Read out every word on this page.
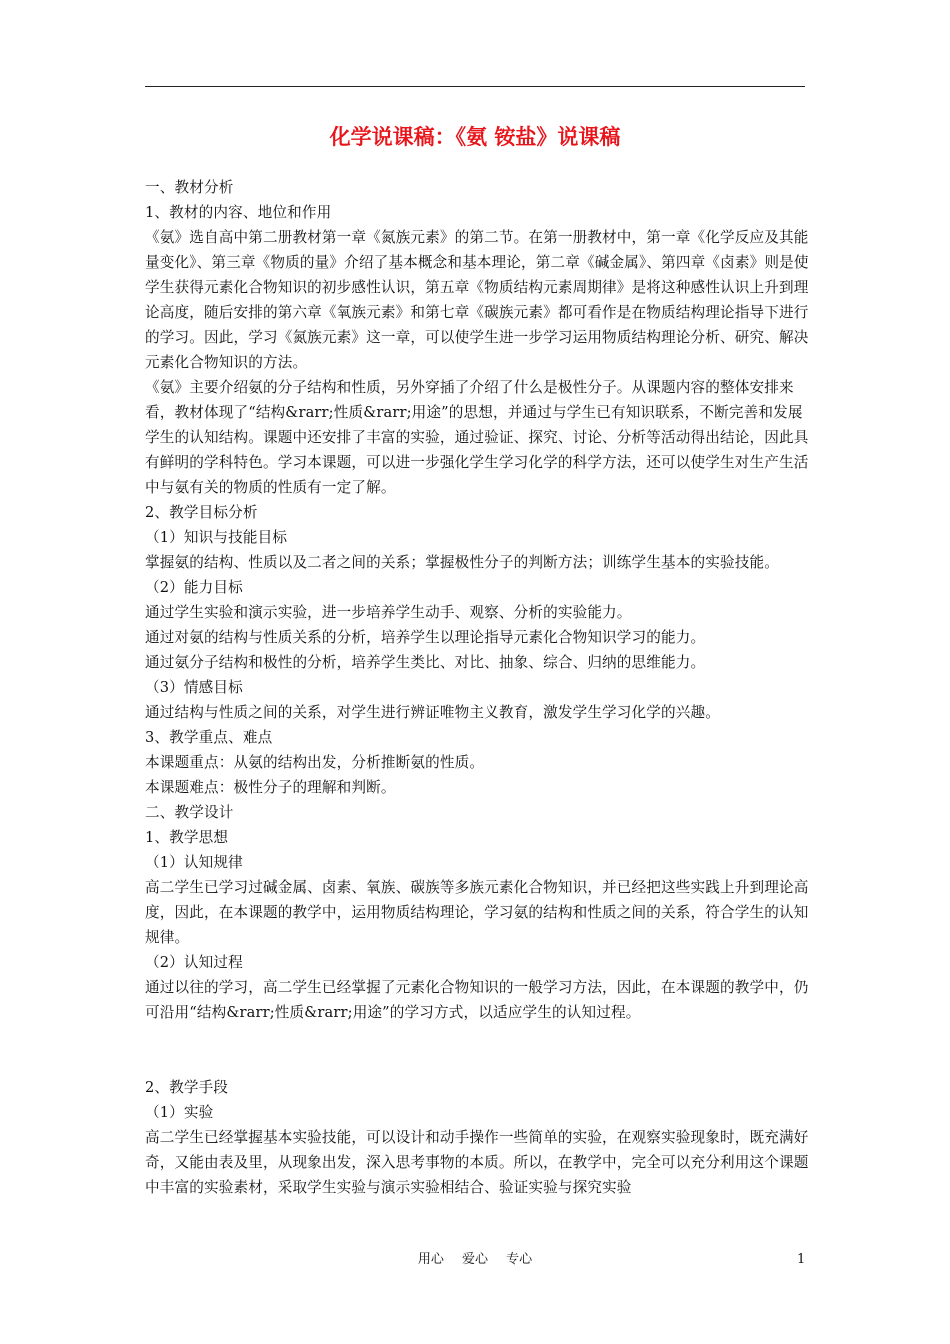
化学说课稿：《氨 铵盐》说课稿

一、教材分析

1、教材的内容、地位和作用

《氨》选自高中第二册教材第一章《氮族元素》的第二节。在第一册教材中，第一章《化学反应及其能量变化》、第三章《物质的量》介绍了基本概念和基本理论，第二章《碱金属》、第四章《卤素》则是使学生获得元素化合物知识的初步感性认识，第五章《物质结构元素周期律》是将这种感性认识上升到理论高度，随后安排的第六章《氧族元素》和第七章《碳族元素》都可看作是在物质结构理论指导下进行的学习。因此，学习《氮族元素》这一章，可以使学生进一步学习运用物质结构理论分析、研究、解决元素化合物知识的方法。

《氨》主要介绍氨的分子结构和性质，另外穿插了介绍了什么是极性分子。从课题内容的整体安排来看，教材体现了“结构&rarr;性质&rarr;用途”的思想，并通过与学生已有知识联系，不断完善和发展学生的认知结构。课题中还安排了丰富的实验，通过验证、探究、讨论、分析等活动得出结论，因此具有鲜明的学科特色。学习本课题，可以进一步强化学生学习化学的科学方法，还可以使学生对生产生活中与氨有关的物质的性质有一定了解。

2、教学目标分析

（1）知识与技能目标

掌握氨的结构、性质以及二者之间的关系；掌握极性分子的判断方法；训练学生基本的实验技能。

（2）能力目标

通过学生实验和演示实验，进一步培养学生动手、观察、分析的实验能力。

通过对氨的结构与性质关系的分析，培养学生以理论指导元素化合物知识学习的能力。

通过氨分子结构和极性的分析，培养学生类比、对比、抽象、综合、归纳的思维能力。

（3）情感目标

通过结构与性质之间的关系，对学生进行辨证唯物主义教育，激发学生学习化学的兴趣。

3、教学重点、难点

本课题重点：从氨的结构出发，分析推断氨的性质。

本课题难点：极性分子的理解和判断。

二、教学设计

1、教学思想

（1）认知规律

高二学生已学习过碱金属、卤素、氧族、碳族等多族元素化合物知识，并已经把这些实践上升到理论高度，因此，在本课题的教学中，运用物质结构理论，学习氨的结构和性质之间的关系，符合学生的认知规律。

（2）认知过程

通过以往的学习，高二学生已经掌握了元素化合物知识的一般学习方法，因此，在本课题的教学中，仍可沿用“结构&rarr;性质&rarr;用途”的学习方式，以适应学生的认知过程。

2、教学手段

（1）实验

高二学生已经掌握基本实验技能，可以设计和动手操作一些简单的实验，在观察实验现象时，既充满好奇，又能由表及里，从现象出发，深入思考事物的本质。所以，在教学中，完全可以充分利用这个课题中丰富的实验素材，采取学生实验与演示实验相结合、验证实验与探究实验

用心 爱心 专心	1
